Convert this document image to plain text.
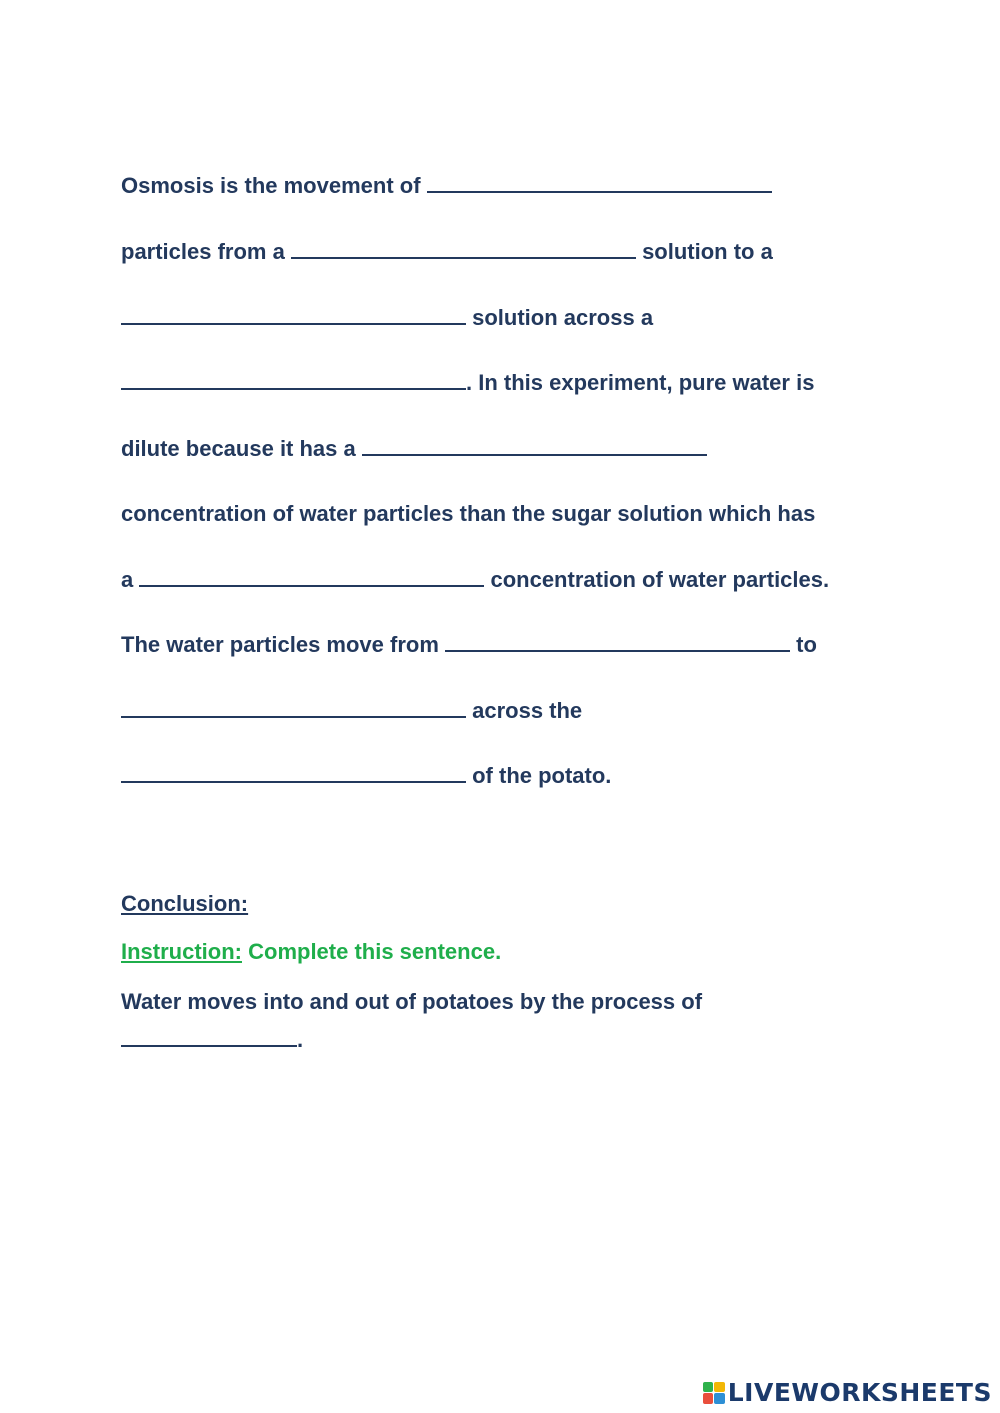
Osmosis is the movement of

particles from a	solution to a

solution across a

. In this experiment, pure water is

dilute because it has a

concentration of water particles than the sugar solution which has

a	concentration of water particles.

The water particles move from	to

across the

of the potato.

Conclusion:

Instruction: Complete this sentence.

Water moves into and out of potatoes by the process of

.

LIVEWORKSHEETS
